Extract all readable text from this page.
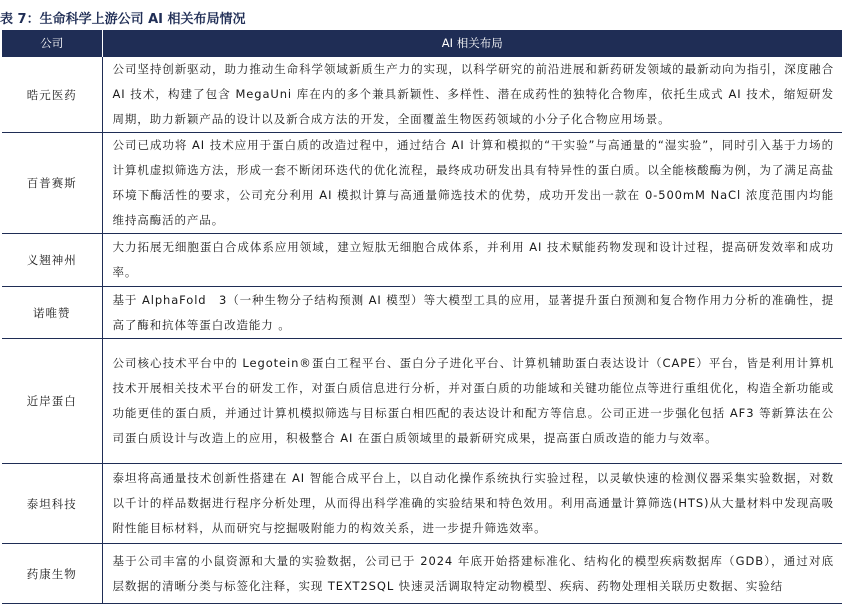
表 7：生命科学上游公司 AI 相关布局情况
公司	AI 相关布局
晧元医药	公司坚持创新驱动，助力推动生命科学领域新质生产力的实现，以科学研究的前沿进展和新药研发领域的最新动向为指引，深度融合 AI 技术，构建了包含 MegaUni 库在内的多个兼具新颖性、多样性、潜在成药性的独特化合物库，依托生成式 AI 技术，缩短研发周期，助力新颖产品的设计以及新合成方法的开发，全面覆盖生物医药领域的小分子化合物应用场景。

百普赛斯	公司已成功将 AI 技术应用于蛋白质的改造过程中，通过结合 AI 计算和模拟的“干实验”与高通量的“湿实验”，同时引入基于力场的计算机虚拟筛选方法，形成一套不断闭环迭代的优化流程，最终成功研发出具有特异性的蛋白质。以全能核酸酶为例，为了满足高盐环境下酶活性的要求，公司充分利用 AI 模拟计算与高通量筛选技术的优势，成功开发出一款在 0-500mM NaCl 浓度范围内均能维持高酶活的产品。

义翘神州	大力拓展无细胞蛋白合成体系应用领域，建立短肽无细胞合成体系，并利用 AI 技术赋能药物发现和设计过程，提高研发效率和成功率。

诺唯赞	基于 AlphaFold　3（一种生物分子结构预测 AI 模型）等大模型工具的应用，显著提升蛋白预测和复合物作用力分析的准确性，提高了酶和抗体等蛋白改造能力 。

近岸蛋白	公司核心技术平台中的 Legotein®蛋白工程平台、蛋白分子进化平台、计算机辅助蛋白表达设计（CAPE）平台，皆是利用计算机技术开展相关技术平台的研发工作，对蛋白质信息进行分析，并对蛋白质的功能域和关键功能位点等进行重组优化，构造全新功能或功能更佳的蛋白质，并通过计算机模拟筛选与目标蛋白相匹配的表达设计和配方等信息。公司正进一步强化包括 AF3 等新算法在公司蛋白质设计与改造上的应用，积极整合 AI 在蛋白质领域里的最新研究成果，提高蛋白质改造的能力与效率。

泰坦科技	泰坦将高通量技术创新性搭建在 AI 智能合成平台上，以自动化操作系统执行实验过程，以灵敏快速的检测仪器采集实验数据，对数以千计的样品数据进行程序分析处理，从而得出科学准确的实验结果和特色效用。利用高通量计算筛选(HTS)从大量材料中发现高吸附性能目标材料，从而研究与挖掘吸附能力的构效关系，进一步提升筛选效率。

药康生物	基于公司丰富的小鼠资源和大量的实验数据，公司已于 2024 年底开始搭建标准化、结构化的模型疾病数据库（GDB），通过对底层数据的清晰分类与标签化注释，实现 TEXT2SQL 快速灵活调取特定动物模型、疾病、药物处理相关联历史数据、实验结
